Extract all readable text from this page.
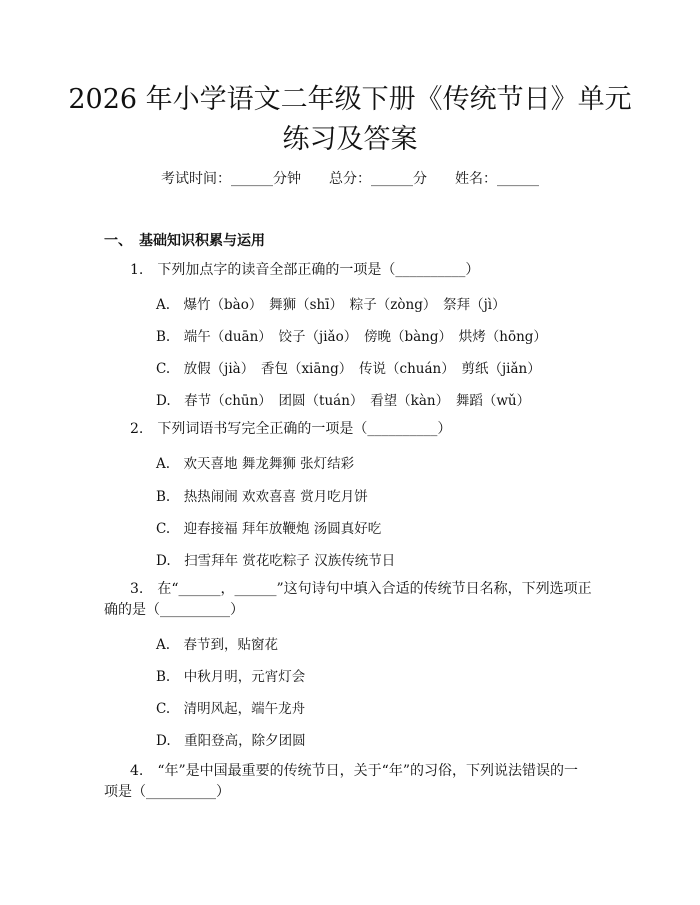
2026 年小学语文二年级下册《传统节日》单元练习及答案
考试时间：______分钟　　总分：______分　　姓名：______
一、　基础知识积累与运用
1.　下列加点字的读音全部正确的一项是（__________）
A.　爆竹（bào）　舞狮（shī）　粽子（zòng）　祭拜（jì）
B.　端午（duān）　饺子（jiǎo）　傍晚（bàng）　烘烤（hōng）
C.　放假（jià）　香包（xiāng）　传说（chuán）　剪纸（jiǎn）
D.　春节（chūn）　团圆（tuán）　看望（kàn）　舞蹈（wǔ）
2.　下列词语书写完全正确的一项是（__________）
A.　欢天喜地 舞龙舞狮 张灯结彩
B.　热热闹闹 欢欢喜喜 赏月吃月饼
C.　迎春接福 拜年放鞭炮 汤圆真好吃
D.　扫雪拜年 赏花吃粽子 汉族传统节日
3.　在“______，______”这句诗句中填入合适的传统节日名称，下列选项正
确的是（__________）
A.　春节到，贴窗花
B.　中秋月明，元宵灯会
C.　清明风起，端午龙舟
D.　重阳登高，除夕团圆
4.　“年”是中国最重要的传统节日，关于“年”的习俗，下列说法错误的一
项是（__________）
